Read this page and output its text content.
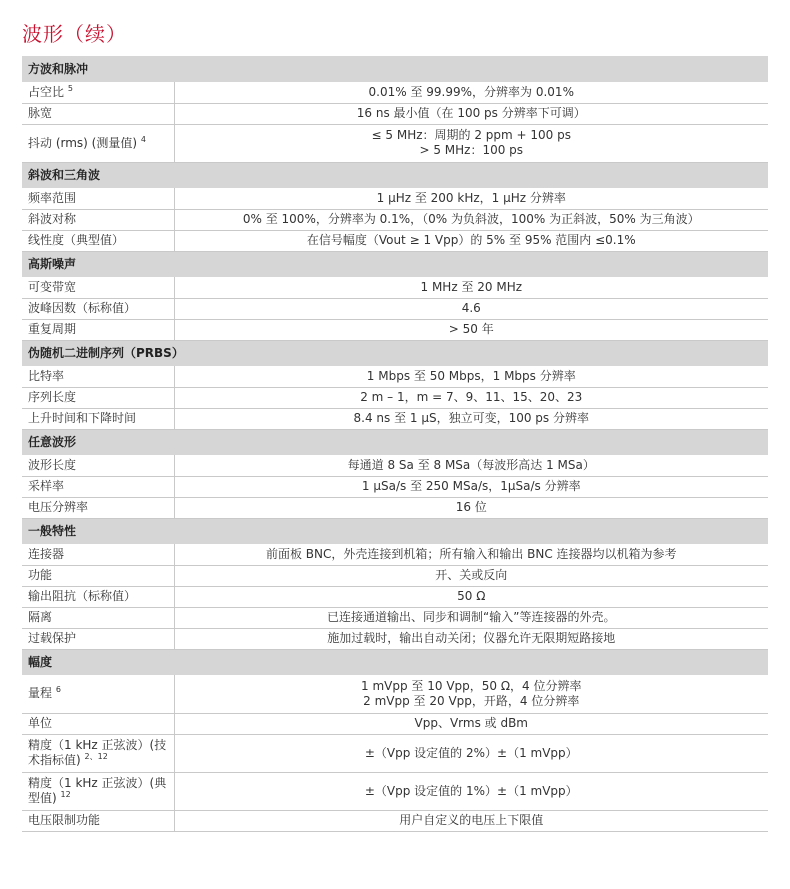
波形（续）
方波和脉冲	
占空比 $^5$	0.01% 至 99.99%，分辨率为 0.01%

脉宽	16 ns 最小值（在 100 ps 分辨率下可调）

抖动 (rms) (测量值) $^4$	≤ 5 MHz：周期的 2 ppm + 100 ps
> 5 MHz：100 ps

斜波和三角波	
频率范围	1 µHz 至 200 kHz，1 µHz 分辨率

斜波对称	0% 至 100%，分辨率为 0.1%，（0% 为负斜波，100% 为正斜波，50% 为三角波）

线性度（典型值）	在信号幅度（Vout ≥ 1 Vpp）的 5% 至 95% 范围内 ≤0.1%

高斯噪声	
可变带宽	1 MHz 至 20 MHz

波峰因数（标称值）	4.6

重复周期	> 50 年

伪随机二进制序列（PRBS）	
比特率	1 Mbps 至 50 Mbps，1 Mbps 分辨率

序列长度	2 m – 1，m = 7、9、11、15、20、23

上升时间和下降时间	8.4 ns 至 1 µS，独立可变，100 ps 分辨率

任意波形	
波形长度	每通道 8 Sa 至 8 MSa（每波形高达 1 MSa）

采样率	1 µSa/s 至 250 MSa/s，1µSa/s 分辨率

电压分辨率	16 位

一般特性	
连接器	前面板 BNC，外壳连接到机箱；所有输入和输出 BNC 连接器均以机箱为参考

功能	开、关或反向

输出阻抗（标称值）	50 Ω

隔离	已连接通道输出、同步和调制“输入”等连接器的外壳。

过载保护	施加过载时，输出自动关闭；仪器允许无限期短路接地

幅度	
量程 $^6$	1 mVpp 至 10 Vpp，50 Ω，4 位分辨率
2 mVpp 至 20 Vpp，开路，4 位分辨率

单位	Vpp、Vrms 或 dBm

精度（1 kHz 正弦波）(技术指标值) $^{2、12}$	±（Vpp 设定值的 2%）±（1 mVpp）

精度（1 kHz 正弦波）(典型值) $^{12}$	±（Vpp 设定值的 1%）±（1 mVpp）

电压限制功能	用户自定义的电压上下限值
